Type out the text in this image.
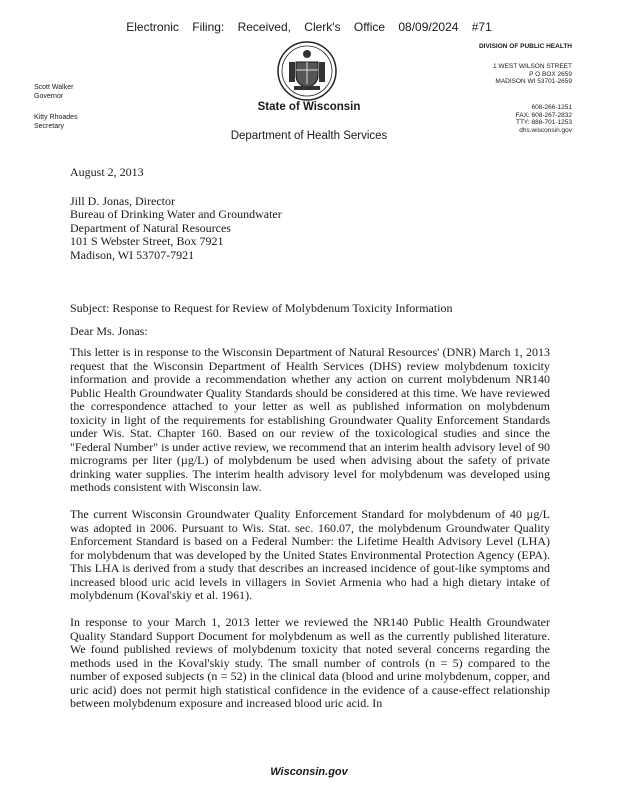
Electronic Filing: Received, Clerk's Office 08/09/2024 #71
Scott Walker
Governor
Kitty Rhoades
Secretary
State of Wisconsin
Department of Health Services
DIVISION OF PUBLIC HEALTH
1 WEST WILSON STREET
P O BOX 2659
MADISON WI 53701-2659
608-266-1251
FAX: 608-267-2832
TTY: 888-701-1253
dhs.wisconsin.gov

August 2, 2013

Jill D. Jonas, Director

Bureau of Drinking Water and Groundwater

Department of Natural Resources

101 S Webster Street, Box 7921

Madison, WI 53707-7921

Subject: Response to Request for Review of Molybdenum Toxicity Information

Dear Ms. Jonas:

This letter is in response to the Wisconsin Department of Natural Resources' (DNR) March 1, 2013 request that the Wisconsin Department of Health Services (DHS) review molybdenum toxicity information and provide a recommendation whether any action on current molybdenum NR140 Public Health Groundwater Quality Standards should be considered at this time. We have reviewed the correspondence attached to your letter as well as published information on molybdenum toxicity in light of the requirements for establishing Groundwater Quality Enforcement Standards under Wis. Stat. Chapter 160. Based on our review of the toxicological studies and since the "Federal Number" is under active review, we recommend that an interim health advisory level of 90 micrograms per liter (µg/L) of molybdenum be used when advising about the safety of private drinking water supplies. The interim health advisory level for molybdenum was developed using methods consistent with Wisconsin law.

The current Wisconsin Groundwater Quality Enforcement Standard for molybdenum of 40 µg/L was adopted in 2006. Pursuant to Wis. Stat. sec. 160.07, the molybdenum Groundwater Quality Enforcement Standard is based on a Federal Number: the Lifetime Health Advisory Level (LHA) for molybdenum that was developed by the United States Environmental Protection Agency (EPA). This LHA is derived from a study that describes an increased incidence of gout-like symptoms and increased blood uric acid levels in villagers in Soviet Armenia who had a high dietary intake of molybdenum (Koval'skiy et al. 1961).

In response to your March 1, 2013 letter we reviewed the NR140 Public Health Groundwater Quality Standard Support Document for molybdenum as well as the currently published literature. We found published reviews of molybdenum toxicity that noted several concerns regarding the methods used in the Koval'skiy study. The small number of controls (n = 5) compared to the number of exposed subjects (n = 52) in the clinical data (blood and urine molybdenum, copper, and uric acid) does not permit high statistical confidence in the evidence of a cause-effect relationship between molybdenum exposure and increased blood uric acid. In

Wisconsin.gov
